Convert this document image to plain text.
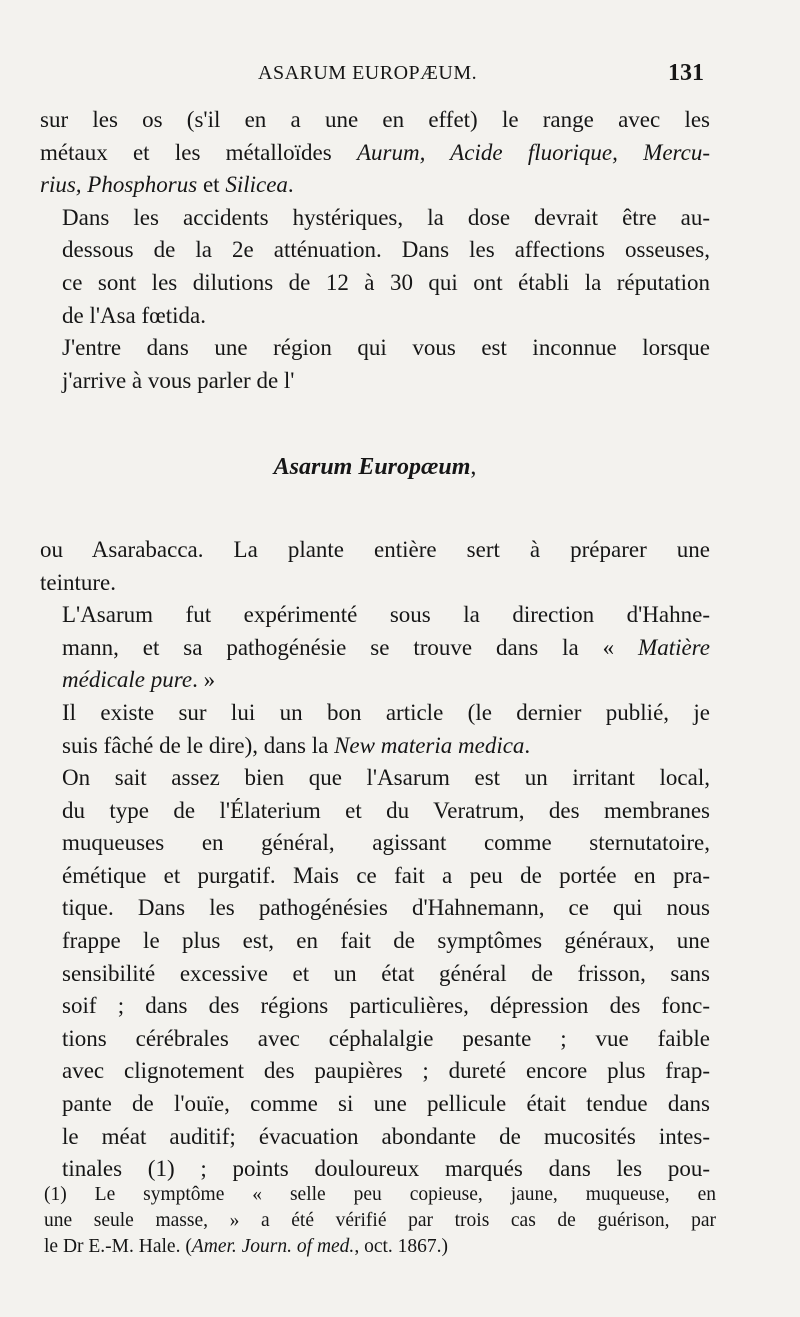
ASARUM EUROPÆUM.	131

sur les os (s'il en a une en effet) le range avec les
métaux et les métalloïdes Aurum, Acide fluorique, Mercu-
rius, Phosphorus et Silicea.

Dans les accidents hystériques, la dose devrait être au-
dessous de la 2e atténuation. Dans les affections osseuses,
ce sont les dilutions de 12 à 30 qui ont établi la réputation
de l'Asa fœtida.

J'entre dans une région qui vous est inconnue lorsque
j'arrive à vous parler de l'

Asarum Europæum,

ou Asarabacca. La plante entière sert à préparer une
teinture.

L'Asarum fut expérimenté sous la direction d'Hahne-
mann, et sa pathogénésie se trouve dans la « Matière
médicale pure. »

Il existe sur lui un bon article (le dernier publié, je
suis fâché de le dire), dans la New materia medica.

On sait assez bien que l'Asarum est un irritant local,
du type de l'Élaterium et du Veratrum, des membranes
muqueuses en général, agissant comme sternutatoire,
émétique et purgatif. Mais ce fait a peu de portée en pra-
tique. Dans les pathogénésies d'Hahnemann, ce qui nous
frappe le plus est, en fait de symptômes généraux, une
sensibilité excessive et un état général de frisson, sans
soif ; dans des régions particulières, dépression des fonc-
tions cérébrales avec céphalalgie pesante ; vue faible
avec clignotement des paupières ; dureté encore plus frap-
pante de l'ouïe, comme si une pellicule était tendue dans
le méat auditif; évacuation abondante de mucosités intes-
tinales (1) ; points douloureux marqués dans les pou-

(1) Le symptôme « selle peu copieuse, jaune, muqueuse, en
une seule masse, » a été vérifié par trois cas de guérison, par
le Dr E.-M. Hale. (Amer. Journ. of med., oct. 1867.)
